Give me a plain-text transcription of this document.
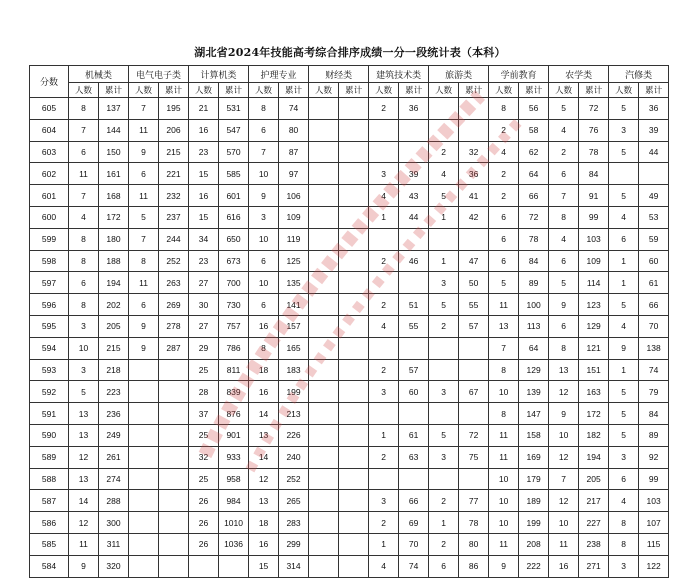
湖北省2024年技能高考综合排序成绩一分一段统计表（本科）
分数	机械类		电气电子类		计算机类		护理专业		财经类		建筑技术类		旅游类		学前教育		农学类		汽修类		
	人数	累计	人数	累计	人数	累计	人数	累计	人数	累计	人数	累计	人数	累计	人数	累计	人数	累计	人数	累计	
605	8	137	7	195	21	531	8	74			2	36			8	56	5	72	5	36	
604	7	144	11	206	16	547	6	80							2	58	4	76	3	39	
603	6	150	9	215	23	570	7	87					2	32	4	62	2	78	5	44	
602	11	161	6	221	15	585	10	97			3	39	4	36	2	64	6	84			
601	7	168	11	232	16	601	9	106			4	43	5	41	2	66	7	91	5	49	
600	4	172	5	237	15	616	3	109			1	44	1	42	6	72	8	99	4	53	
599	8	180	7	244	34	650	10	119							6	78	4	103	6	59	
598	8	188	8	252	23	673	6	125			2	46	1	47	6	84	6	109	1	60	
597	6	194	11	263	27	700	10	135					3	50	5	89	5	114	1	61	
596	8	202	6	269	30	730	6	141			2	51	5	55	11	100	9	123	5	66	
595	3	205	9	278	27	757	16	157			4	55	2	57	13	113	6	129	4	70	
594	10	215	9	287	29	786	8	165							7	64	8	121	9	138		
593	3	218			25	811	18	183			2	57			8	129	13	151	1	74	
592	5	223			28	839	16	199			3	60	3	67	10	139	12	163	5	79	
591	13	236			37	876	14	213							8	147	9	172	5	84	
590	13	249			25	901	13	226			1	61	5	72	11	158	10	182	5	89	
589	12	261			32	933	14	240			2	63	3	75	11	169	12	194	3	92	
588	13	274			25	958	12	252							10	179	7	205	6	99	
587	14	288			26	984	13	265			3	66	2	77	10	189	12	217	4	103	
586	12	300			26	1010	18	283			2	69	1	78	10	199	10	227	8	107	
585	11	311			26	1036	16	299			1	70	2	80	11	208	11	238	8	115	
584	9	320					15	314			4	74	6	86	9	222	16	271	3	122	
